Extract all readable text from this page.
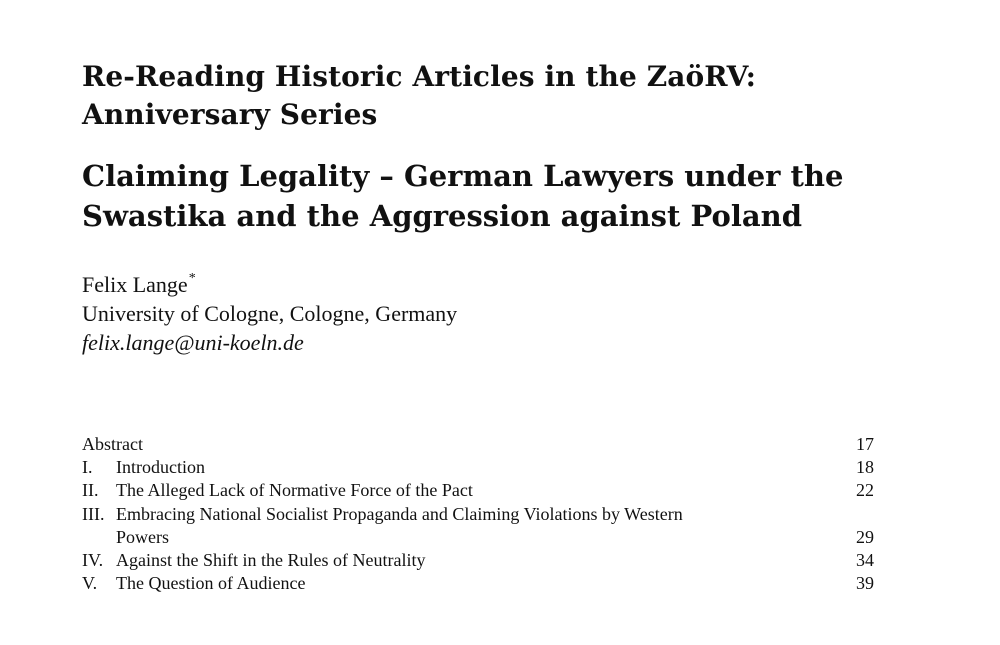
Re-Reading Historic Articles in the ZaöRV:
Anniversary Series
Claiming Legality – German Lawyers under the
Swastika and the Aggression against Poland
Felix Lange*
University of Cologne, Cologne, Germany
felix.lange@uni-koeln.de
Abstract	17
I.	Introduction	18
II. The Alleged Lack of Normative Force of the Pact	22
III. Embracing National Socialist Propaganda and Claiming Violations by Western
Powers	29
IV. Against the Shift in the Rules of Neutrality	34
V.	The Question of Audience	39
